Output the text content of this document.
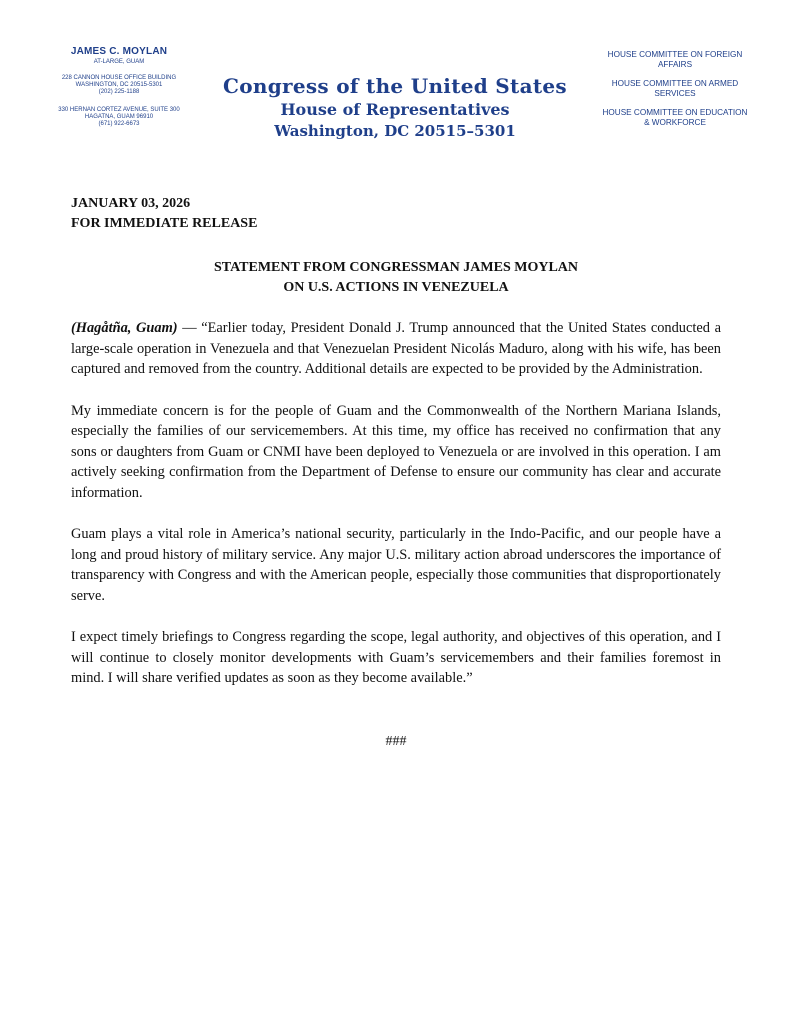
JAMES C. MOYLAN
AT-LARGE, GUAM
228 CANNON HOUSE OFFICE BUILDING
WASHINGTON, DC 20515-5301
(202) 225-1188
330 HERNAN CORTEZ AVENUE, SUITE 300
HAGATNA, GUAM 96910
(671) 922-6673
Congress of the United States
House of Representatives
Washington, DC 20515–5301
HOUSE COMMITTEE ON FOREIGN AFFAIRS
HOUSE COMMITTEE ON ARMED SERVICES
HOUSE COMMITTEE ON EDUCATION & WORKFORCE
JANUARY 03, 2026
FOR IMMEDIATE RELEASE
STATEMENT FROM CONGRESSMAN JAMES MOYLAN
ON U.S. ACTIONS IN VENEZUELA

(Hagåtña, Guam) — “Earlier today, President Donald J. Trump announced that the United States conducted a large-scale operation in Venezuela and that Venezuelan President Nicolás Maduro, along with his wife, has been captured and removed from the country. Additional details are expected to be provided by the Administration.

My immediate concern is for the people of Guam and the Commonwealth of the Northern Mariana Islands, especially the families of our servicemembers. At this time, my office has received no confirmation that any sons or daughters from Guam or CNMI have been deployed to Venezuela or are involved in this operation. I am actively seeking confirmation from the Department of Defense to ensure our community has clear and accurate information.

Guam plays a vital role in America’s national security, particularly in the Indo-Pacific, and our people have a long and proud history of military service. Any major U.S. military action abroad underscores the importance of transparency with Congress and with the American people, especially those communities that disproportionately serve.

I expect timely briefings to Congress regarding the scope, legal authority, and objectives of this operation, and I will continue to closely monitor developments with Guam’s servicemembers and their families foremost in mind. I will share verified updates as soon as they become available.”

###
